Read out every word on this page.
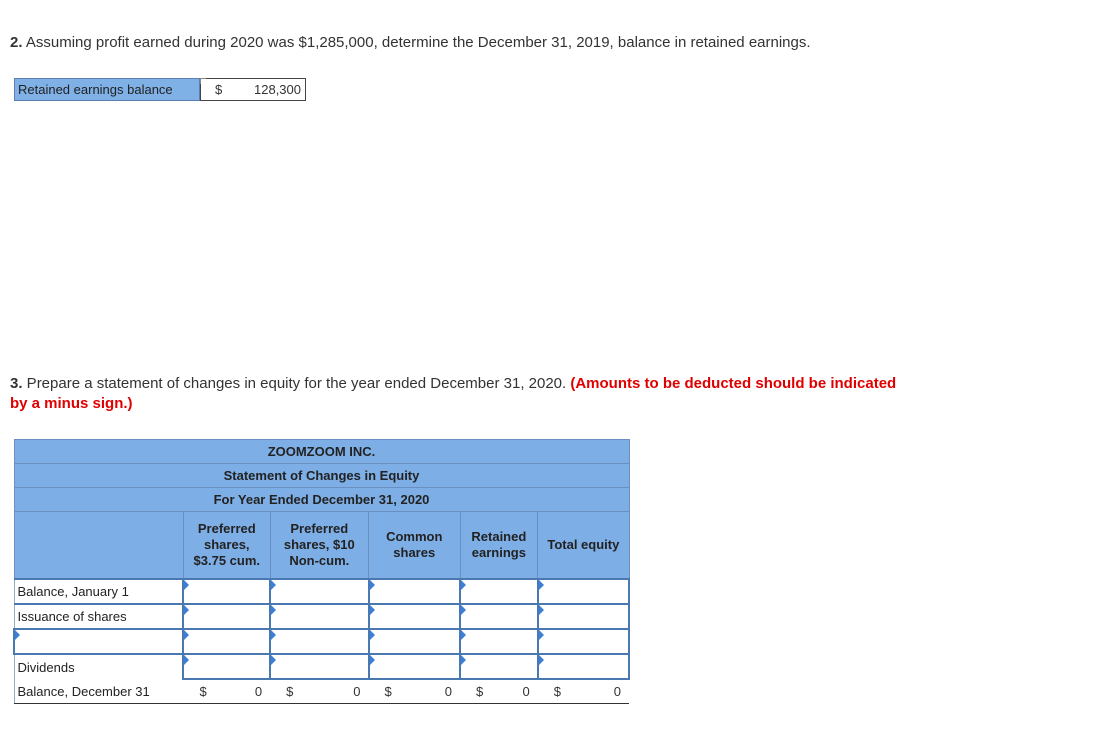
2. Assuming profit earned during 2020 was $1,285,000, determine the December 31, 2019, balance in retained earnings.
Retained earnings balance	$ 128,300
3. Prepare a statement of changes in equity for the year ended December 31, 2020. (Amounts to be deducted should be indicated
by a minus sign.)
ZOOMZOOM INC.					
Statement of Changes in Equity					
For Year Ended December 31, 2020					
	Preferred
shares,
$3.75 cum.	Preferred
shares, $10
Non-cum.	Common
shares	Retained
earnings	Total equity
Balance, January 1	

Issuance of shares	

Dividends	

Balance, December 31	$ 0	$ 0	$ 0	$ 0	$ 0
